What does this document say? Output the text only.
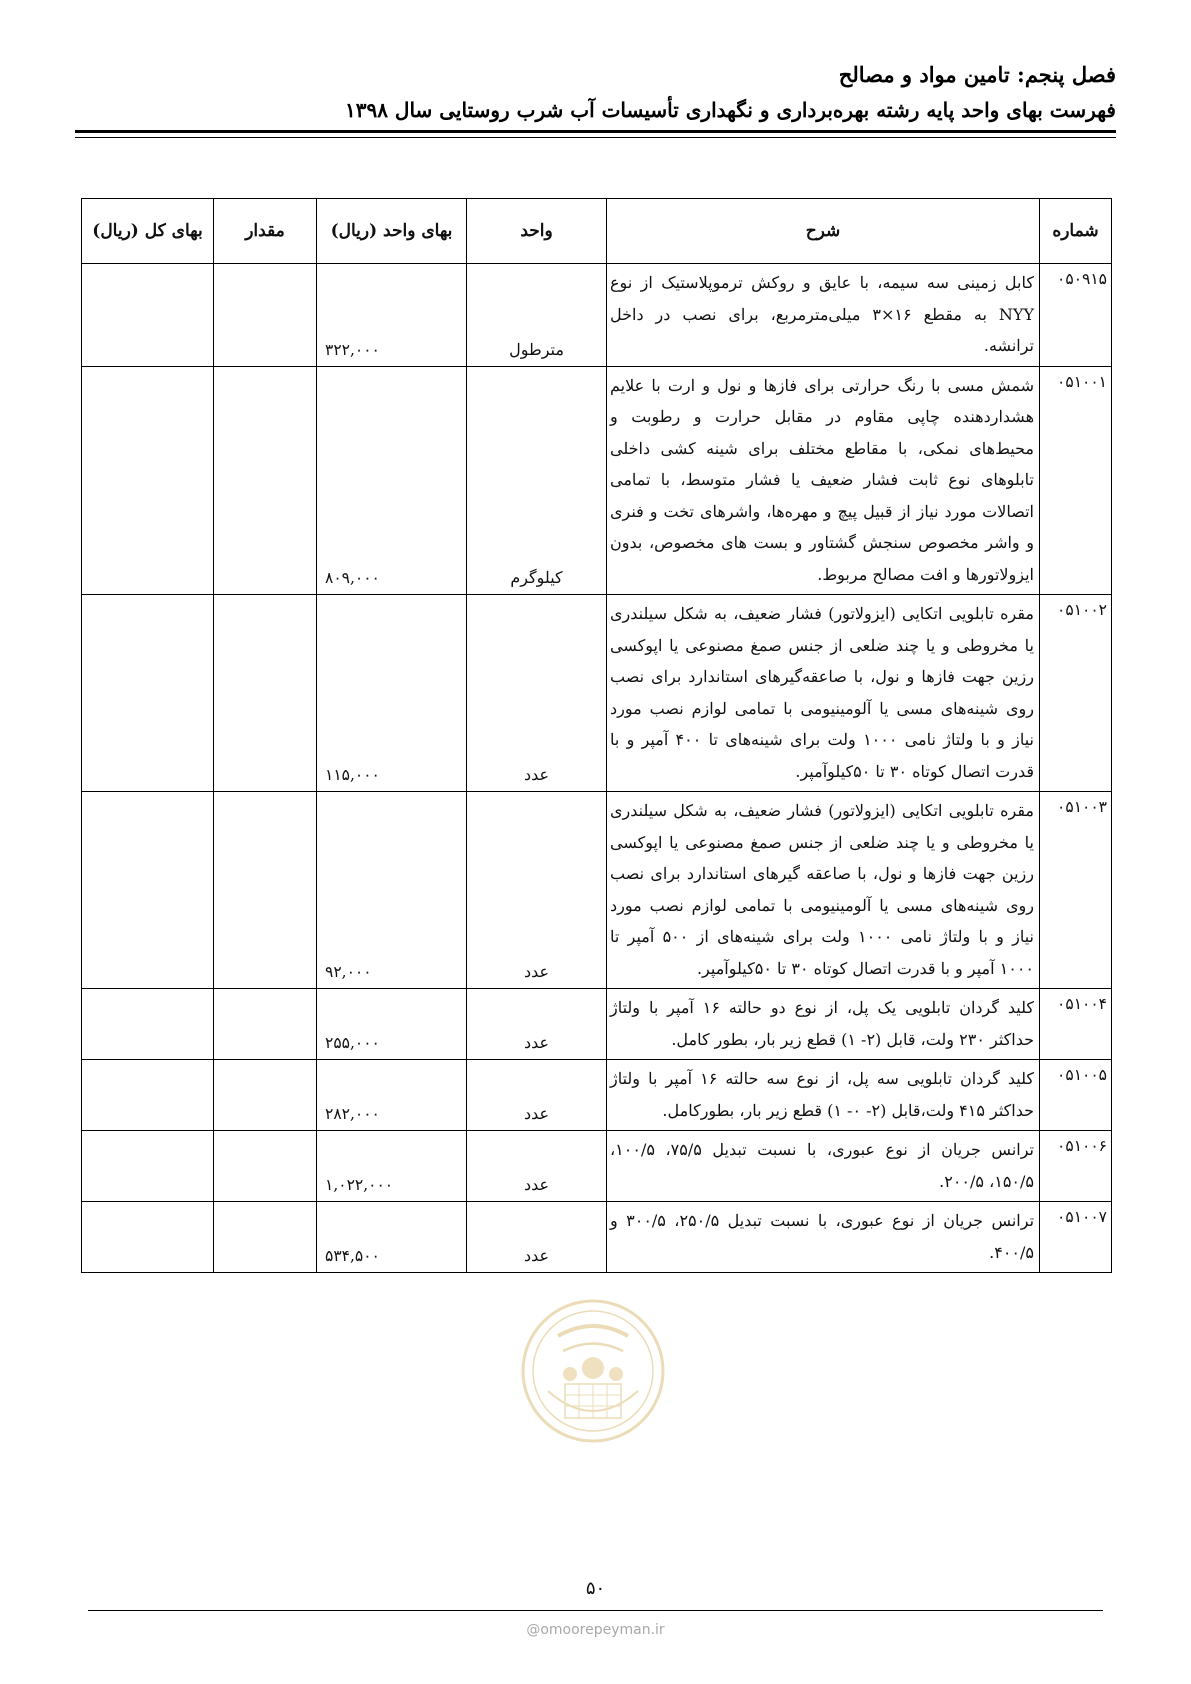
فصل پنجم: تامین مواد و مصالح
فهرست بهای واحد پایه رشته بهره‌برداری و نگهداری تأسیسات آب شرب روستایی سال ۱۳۹۸
شماره	شرح	واحد	بهای واحد (ریال)	مقدار	بهای کل (ریال)
۰۵۰۹۱۵	کابل زمینی سه سیمه، با عایق و روکش ترموپلاستیک از نوع NYY به مقطع ۱۶×۳ میلی‌مترمربع، برای نصب در داخل ترانشه.	مترطول	۳۲۲,۰۰۰		
۰۵۱۰۰۱	شمش مسی با رنگ حرارتی برای فازها و نول و ارت با علایم هشداردهنده چاپی مقاوم در مقابل حرارت و رطوبت و محیط‌های نمکی، با مقاطع مختلف برای شینه کشی داخلی تابلوهای نوع ثابت فشار ضعیف یا فشار متوسط، با تمامی اتصالات مورد نیاز از قبیل پیچ و مهره‌ها، واشرهای تخت و فنری و واشر مخصوص سنجش گشتاور و بست های مخصوص، بدون ایزولاتورها و افت مصالح مربوط.	کیلوگرم	۸۰۹,۰۰۰		
۰۵۱۰۰۲	مقره تابلویی اتکایی (ایزولاتور) فشار ضعیف، به شکل سیلندری یا مخروطی و یا چند ضلعی از جنس صمغ مصنوعی یا اپوکسی رزین جهت فازها و نول، با صاعقه‌گیرهای استاندارد برای نصب روی شینه‌های مسی یا آلومینیومی با تمامی لوازم نصب مورد نیاز و با ولتاژ نامی ۱۰۰۰ ولت برای شینه‌های تا ۴۰۰ آمپر و با قدرت اتصال کوتاه ۳۰ تا ۵۰کیلوآمپر.	عدد	۱۱۵,۰۰۰		
۰۵۱۰۰۳	مقره تابلویی اتکایی (ایزولاتور) فشار ضعیف، به شکل سیلندری یا مخروطی و یا چند ضلعی از جنس صمغ مصنوعی یا اپوکسی رزین جهت فازها و نول، با صاعقه گیرهای استاندارد برای نصب روی شینه‌های مسی یا آلومینیومی با تمامی لوازم نصب مورد نیاز و با ولتاژ نامی ۱۰۰۰ ولت برای شینه‌های از ۵۰۰ آمپر تا ۱۰۰۰ آمپر و با قدرت اتصال کوتاه ۳۰ تا ۵۰کیلوآمپر.	عدد	۹۲,۰۰۰		
۰۵۱۰۰۴	کلید گردان تابلویی یک پل، از نوع دو حالته ۱۶ آمپر با ولتاژ حداکثر ۲۳۰ ولت، قابل (۲- ۱) قطع زیر بار، بطور کامل.	عدد	۲۵۵,۰۰۰		
۰۵۱۰۰۵	کلید گردان تابلویی سه پل، از نوع سه حالته ۱۶ آمپر با ولتاژ حداکثر ۴۱۵ ولت،قابل (۲- ۰- ۱) قطع زیر بار، بطورکامل.	عدد	۲۸۲,۰۰۰		
۰۵۱۰۰۶	ترانس جریان از نوع عبوری، با نسبت تبدیل ۷۵/۵، ۱۰۰/۵، ۱۵۰/۵، ۲۰۰/۵.	عدد	۱,۰۲۲,۰۰۰		
۰۵۱۰۰۷	ترانس جریان از نوع عبوری، با نسبت تبدیل ۲۵۰/۵، ۳۰۰/۵ و ۴۰۰/۵.	عدد	۵۳۴,۵۰۰		
۵۰
@omoorepeyman.ir
